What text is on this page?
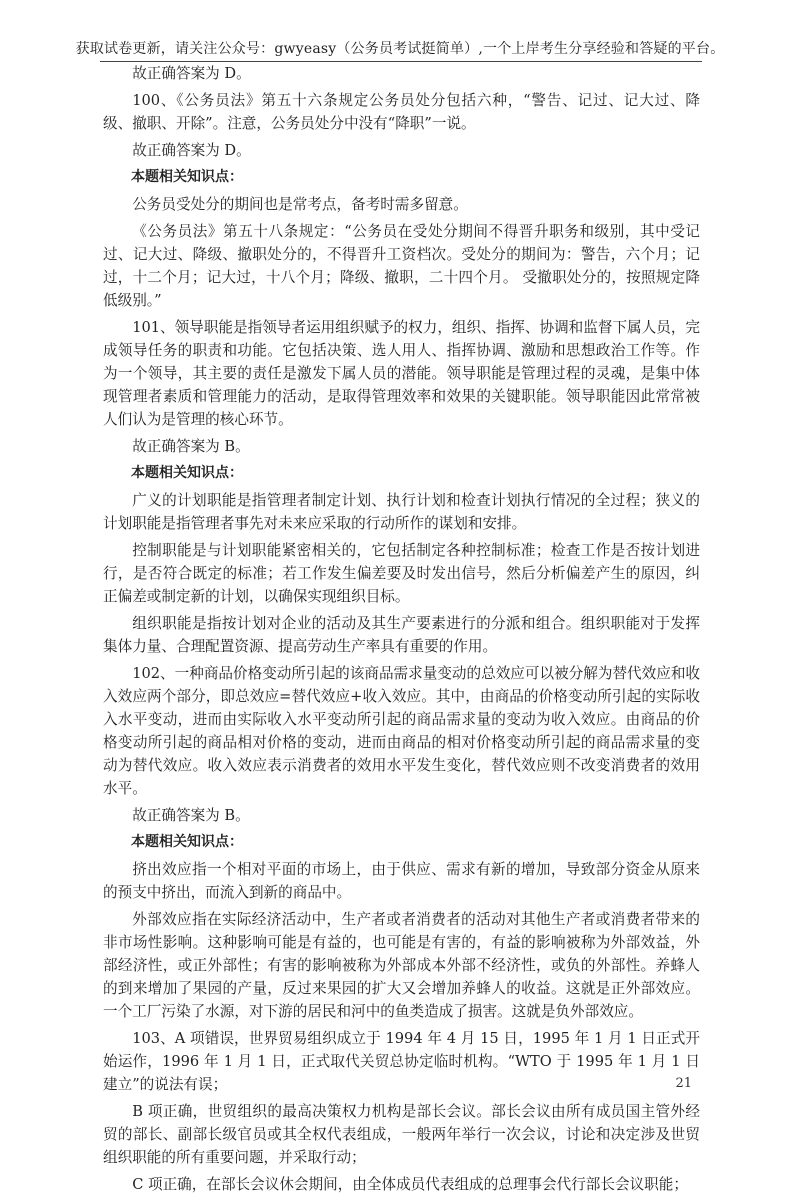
获取试卷更新，请关注公众号：gwyeasy（公务员考试挺简单）,一个上岸考生分享经验和答疑的平台。

故正确答案为 D。

100、《公务员法》第五十六条规定公务员处分包括六种，“警告、记过、记大过、降级、撤职、开除”。注意，公务员处分中没有“降职”一说。

故正确答案为 D。

本题相关知识点：

公务员受处分的期间也是常考点，备考时需多留意。

《公务员法》第五十八条规定：“公务员在受处分期间不得晋升职务和级别，其中受记过、记大过、降级、撤职处分的，不得晋升工资档次。受处分的期间为：警告，六个月；记过，十二个月；记大过，十八个月；降级、撤职，二十四个月。 受撤职处分的，按照规定降低级别。”

101、领导职能是指领导者运用组织赋予的权力，组织、指挥、协调和监督下属人员，完成领导任务的职责和功能。它包括决策、选人用人、指挥协调、激励和思想政治工作等。作为一个领导，其主要的责任是激发下属人员的潜能。领导职能是管理过程的灵魂，是集中体现管理者素质和管理能力的活动，是取得管理效率和效果的关键职能。领导职能因此常常被人们认为是管理的核心环节。

故正确答案为 B。

本题相关知识点：

广义的计划职能是指管理者制定计划、执行计划和检查计划执行情况的全过程；狭义的计划职能是指管理者事先对未来应采取的行动所作的谋划和安排。

控制职能是与计划职能紧密相关的，它包括制定各种控制标准；检查工作是否按计划进行，是否符合既定的标准；若工作发生偏差要及时发出信号，然后分析偏差产生的原因，纠正偏差或制定新的计划，以确保实现组织目标。

组织职能是指按计划对企业的活动及其生产要素进行的分派和组合。组织职能对于发挥集体力量、合理配置资源、提高劳动生产率具有重要的作用。

102、一种商品价格变动所引起的该商品需求量变动的总效应可以被分解为替代效应和收入效应两个部分，即总效应=替代效应+收入效应。其中，由商品的价格变动所引起的实际收入水平变动，进而由实际收入水平变动所引起的商品需求量的变动为收入效应。由商品的价格变动所引起的商品相对价格的变动，进而由商品的相对价格变动所引起的商品需求量的变动为替代效应。收入效应表示消费者的效用水平发生变化，替代效应则不改变消费者的效用水平。

故正确答案为 B。

本题相关知识点：

挤出效应指一个相对平面的市场上，由于供应、需求有新的增加，导致部分资金从原来的预支中挤出，而流入到新的商品中。

外部效应指在实际经济活动中，生产者或者消费者的活动对其他生产者或消费者带来的非市场性影响。这种影响可能是有益的，也可能是有害的，有益的影响被称为外部效益，外部经济性，或正外部性；有害的影响被称为外部成本外部不经济性，或负的外部性。养蜂人的到来增加了果园的产量，反过来果园的扩大又会增加养蜂人的收益。这就是正外部效应。一个工厂污染了水源，对下游的居民和河中的鱼类造成了损害。这就是负外部效应。

103、A 项错误，世界贸易组织成立于 1994 年 4 月 15 日，1995 年 1 月 1 日正式开始运作，1996 年 1 月 1 日，正式取代关贸总协定临时机构。“WTO 于 1995 年 1 月 1 日建立”的说法有误；

B 项正确，世贸组织的最高决策权力机构是部长会议。部长会议由所有成员国主管外经贸的部长、副部长级官员或其全权代表组成，一般两年举行一次会议，讨论和决定涉及世贸组织职能的所有重要问题，并采取行动；

C 项正确，在部长会议休会期间，由全体成员代表组成的总理事会代行部长会议职能；

21
